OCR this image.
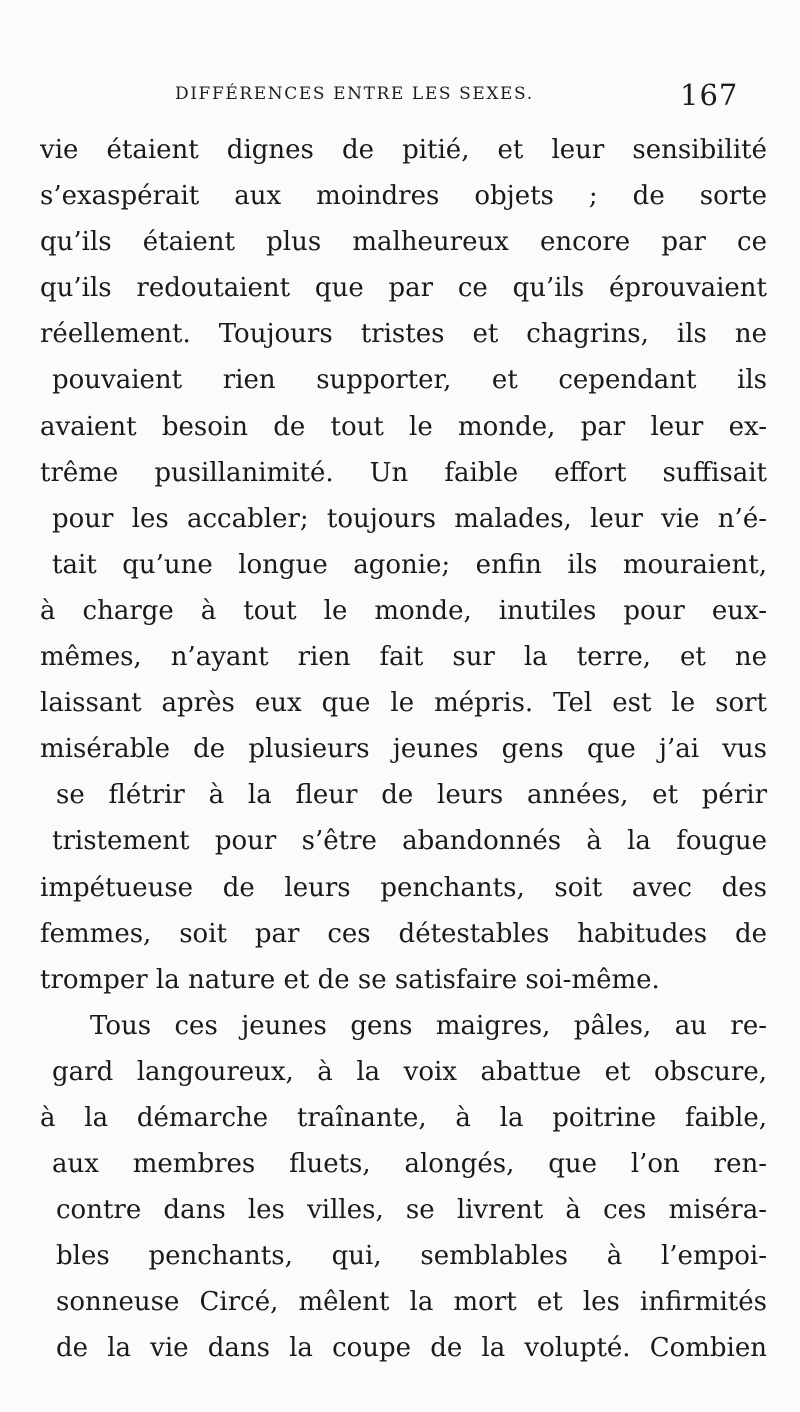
DIFFÉRENCES ENTRE LES SEXES.	167
vie étaient dignes de pitié, et leur sensibilité
s’exaspérait aux moindres objets ; de sorte
qu’ils étaient plus malheureux encore par ce
qu’ils redoutaient que par ce qu’ils éprouvaient
réellement. Toujours tristes et chagrins, ils ne
pouvaient rien supporter, et cependant ils
avaient besoin de tout le monde, par leur ex-
trême pusillanimité. Un faible effort suffisait
pour les accabler; toujours malades, leur vie n’é-
tait qu’une longue agonie; enfin ils mouraient,
à charge à tout le monde, inutiles pour eux-
mêmes, n’ayant rien fait sur la terre, et ne
laissant après eux que le mépris. Tel est le sort
misérable de plusieurs jeunes gens que j’ai vus
se flétrir à la fleur de leurs années, et périr
tristement pour s’être abandonnés à la fougue
impétueuse de leurs penchants, soit avec des
femmes, soit par ces détestables habitudes de
tromper la nature et de se satisfaire soi-même.
Tous ces jeunes gens maigres, pâles, au re-
gard langoureux, à la voix abattue et obscure,
à la démarche traînante, à la poitrine faible,
aux membres fluets, alongés, que l’on ren-
contre dans les villes, se livrent à ces miséra-
bles penchants, qui, semblables à l’empoi-
sonneuse Circé, mêlent la mort et les infirmités
de la vie dans la coupe de la volupté. Combien
